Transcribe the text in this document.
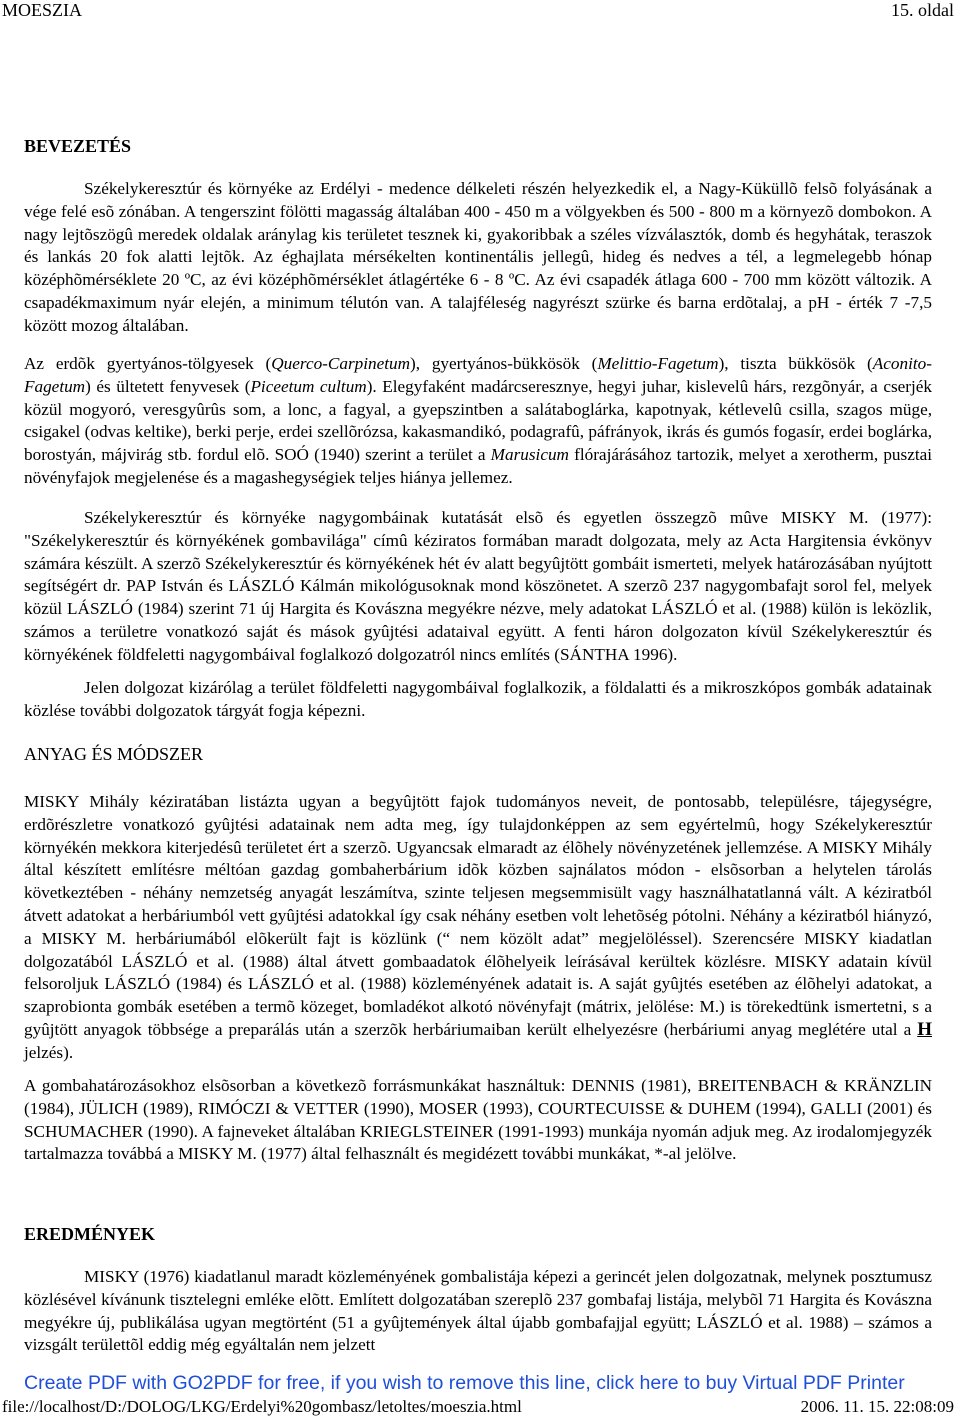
MOESZIA	15. oldal
BEVEZETÉS

Székelykeresztúr és környéke az Erdélyi - medence délkeleti részén helyezkedik el, a Nagy-Küküllõ felsõ folyásának a vége felé esõ zónában. A tengerszint fölötti magasság általában 400 - 450 m a völgyekben és 500 - 800 m a környezõ dombokon. A nagy lejtõszögû meredek oldalak aránylag kis területet tesznek ki, gyakoribbak a széles vízválasztók, domb és hegyhátak, teraszok és lankás 20 fok alatti lejtõk. Az éghajlata mérsékelten kontinentális jellegû, hideg és nedves a tél, a legmelegebb hónap középhõmérséklete 20 ºC, az évi középhõmérséklet átlagértéke 6 - 8 ºC. Az évi csapadék átlaga 600 - 700 mm között változik. A csapadékmaximum nyár elején, a minimum télutón van. A talajféleség nagyrészt szürke és barna erdõtalaj, a pH - érték 7 -7,5 között mozog általában.

Az erdõk gyertyános-tölgyesek (Querco-Carpinetum), gyertyános-bükkösök (Melittio-Fagetum), tiszta bükkösök (Aconito-Fagetum) és ültetett fenyvesek (Piceetum cultum). Elegyfaként madárcseresznye, hegyi juhar, kislevelû hárs, rezgõnyár, a cserjék közül mogyoró, veresgyûrûs som, a lonc, a fagyal, a gyepszintben a salátaboglárka, kapotnyak, kétlevelû csilla, szagos müge, csigakel (odvas keltike), berki perje, erdei szellõrózsa, kakasmandikó, podagrafû, páfrányok, ikrás és gumós fogasír, erdei boglárka, borostyán, májvirág stb. fordul elõ. SOÓ (1940) szerint a terület a Marusicum flórajárásához tartozik, melyet a xerotherm, pusztai növényfajok megjelenése és a magashegységiek teljes hiánya jellemez.

Székelykeresztúr és környéke nagygombáinak kutatását elsõ és egyetlen összegzõ mûve MISKY M. (1977): "Székelykeresztúr és környékének gombavilága" címû kéziratos formában maradt dolgozata, mely az Acta Hargitensia évkönyv számára készült. A szerzõ Székelykeresztúr és környékének hét év alatt begyûjtött gombáit ismerteti, melyek határozásában nyújtott segítségért dr. PAP István és LÁSZLÓ Kálmán mikológusoknak mond köszönetet. A szerzõ 237 nagygombafajt sorol fel, melyek közül LÁSZLÓ (1984) szerint 71 új Hargita és Kovászna megyékre nézve, mely adatokat LÁSZLÓ et al. (1988) külön is leközlik, számos a területre vonatkozó saját és mások gyûjtési adataival együtt. A fenti háron dolgozaton kívül Székelykeresztúr és környékének földfeletti nagygombáival foglalkozó dolgozatról nincs említés (SÁNTHA 1996).

Jelen dolgozat kizárólag a terület földfeletti nagygombáival foglalkozik, a földalatti és a mikroszkópos gombák adatainak közlése további dolgozatok tárgyát fogja képezni.

ANYAG ÉS MÓDSZER

MISKY Mihály kéziratában listázta ugyan a begyûjtött fajok tudományos neveit, de pontosabb, településre, tájegységre, erdõrészletre vonatkozó gyûjtési adatainak nem adta meg, így tulajdonképpen az sem egyértelmû, hogy Székelykeresztúr környékén mekkora kiterjedésû területet ért a szerzõ. Ugyancsak elmaradt az élõhely növényzetének jellemzése. A MISKY Mihály által készített említésre méltóan gazdag gombaherbárium idõk közben sajnálatos módon - elsõsorban a helytelen tárolás következtében - néhány nemzetség anyagát leszámítva, szinte teljesen megsemmisült vagy használhatatlanná vált. A kéziratból átvett adatokat a herbáriumból vett gyûjtési adatokkal így csak néhány esetben volt lehetõség pótolni. Néhány a kéziratból hiányzó, a MISKY M. herbáriumából elõkerült fajt is közlünk (“ nem közölt adat” megjelöléssel). Szerencsére MISKY kiadatlan dolgozatából LÁSZLÓ et al. (1988) által átvett gombaadatok élõhelyeik leírásával kerültek közlésre. MISKY adatain kívül felsoroljuk LÁSZLÓ (1984) és LÁSZLÓ et al. (1988) közleményének adatait is. A saját gyûjtés esetében az élõhelyi adatokat, a szaprobionta gombák esetében a termõ közeget, bomladékot alkotó növényfajt (mátrix, jelölése: M.) is törekedtünk ismertetni, s a gyûjtött anyagok többsége a preparálás után a szerzõk herbáriumaiban került elhelyezésre (herbáriumi anyag meglétére utal a H jelzés).

A gombahatározásokhoz elsõsorban a következõ forrásmunkákat használtuk: DENNIS (1981), BREITENBACH & KRÄNZLIN (1984), JÜLICH (1989), RIMÓCZI & VETTER (1990), MOSER (1993), COURTECUISSE & DUHEM (1994), GALLI (2001) és SCHUMACHER (1990). A fajneveket általában KRIEGLSTEINER (1991-1993) munkája nyomán adjuk meg. Az irodalomjegyzék tartalmazza továbbá a MISKY M. (1977) által felhasznált és megidézett további munkákat, *-al jelölve.

EREDMÉNYEK

MISKY (1976) kiadatlanul maradt közleményének gombalistája képezi a gerincét jelen dolgozatnak, melynek posztumusz közlésével kívánunk tisztelegni emléke elõtt. Említett dolgozatában szereplõ 237 gombafaj listája, melybõl 71 Hargita és Kovászna megyékre új, publikálása ugyan megtörtént (51 a gyûjtemények által újabb gombafajjal együtt; LÁSZLÓ et al. 1988) – számos a vizsgált területtõl eddig még egyáltalán nem jelzett

Create PDF with GO2PDF for free, if you wish to remove this line, click here to buy Virtual PDF Printer
file://localhost/D:/DOLOG/LKG/Erdelyi%20gombasz/letoltes/moeszia.html	2006. 11. 15. 22:08:09
